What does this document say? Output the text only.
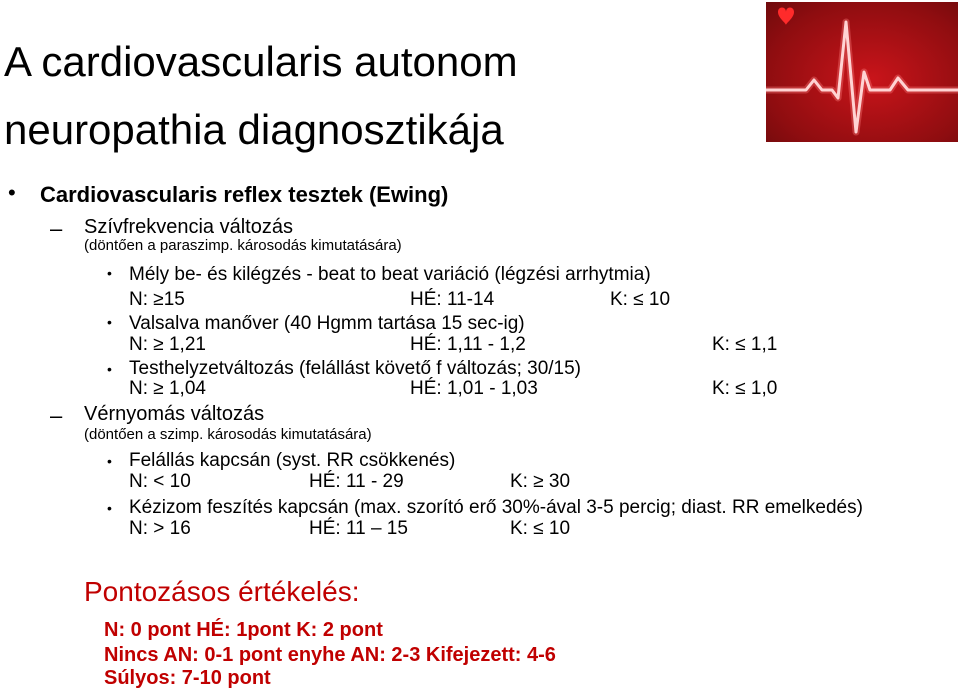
A cardiovascularis autonom
neuropathia diagnosztikája
• Cardiovascularis reflex tesztek (Ewing)
– Szívfrekvencia változás
(döntően a paraszimp. károsodás kimutatására)
• Mély be- és kilégzés - beat to beat variáció (légzési arrhytmia)
N: ≥15	HÉ: 11-14	K: ≤ 10
• Valsalva manőver (40 Hgmm tartása 15 sec-ig)
N: ≥ 1,21	HÉ: 1,11 - 1,2	K: ≤ 1,1
• Testhelyzetváltozás (felállást követő f változás; 30/15)
N: ≥ 1,04	HÉ: 1,01 - 1,03	K: ≤ 1,0
– Vérnyomás változás
(döntően a szimp. károsodás kimutatására)
• Felállás kapcsán (syst. RR csökkenés)
N: < 10	HÉ: 11 - 29	K: ≥ 30
• Kézizom feszítés kapcsán (max. szorító erő 30%-ával 3-5 percig; diast. RR emelkedés)
N: > 16	HÉ: 11 – 15	K: ≤ 10
Pontozásos értékelés:
N: 0 pont HÉ: 1pont K: 2 pont
Nincs AN: 0-1 pont enyhe AN: 2-3 Kifejezett: 4-6
Súlyos: 7-10 pont
